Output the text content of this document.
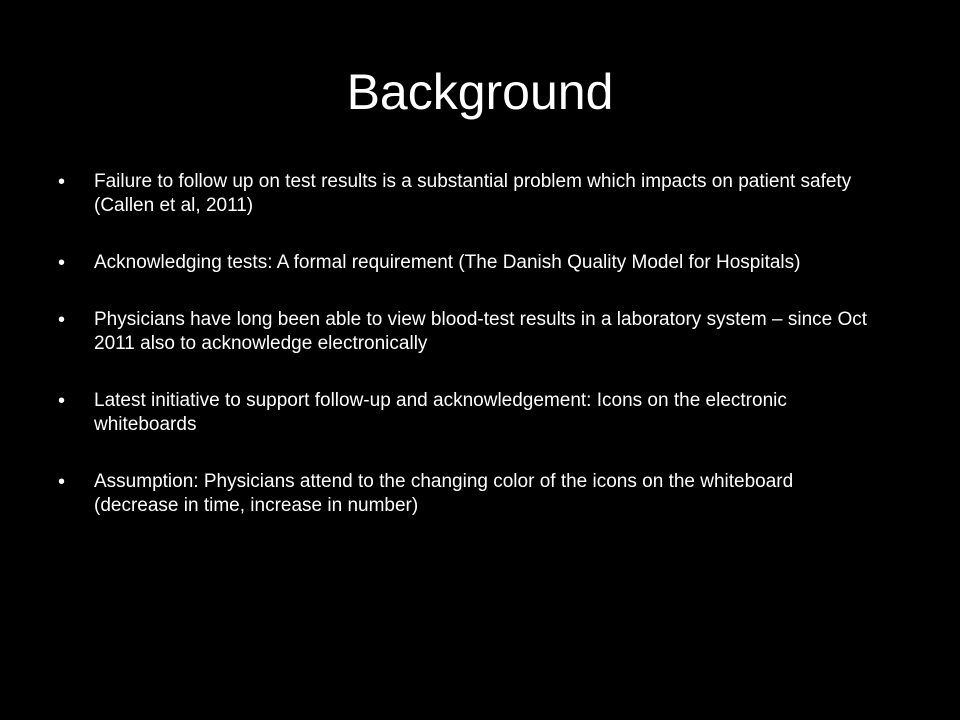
Background
•	Failure to follow up on test results is a substantial problem which impacts on patient safety (Callen et al, 2011)
•	Acknowledging tests: A formal requirement (The Danish Quality Model for Hospitals)
•	Physicians have long been able to view blood-test results in a laboratory system – since Oct 2011 also to acknowledge electronically
•	Latest initiative to support follow-up and acknowledgement: Icons on the electronic whiteboards
•	Assumption: Physicians attend to the changing color of the icons on the whiteboard (decrease in time, increase in number)
